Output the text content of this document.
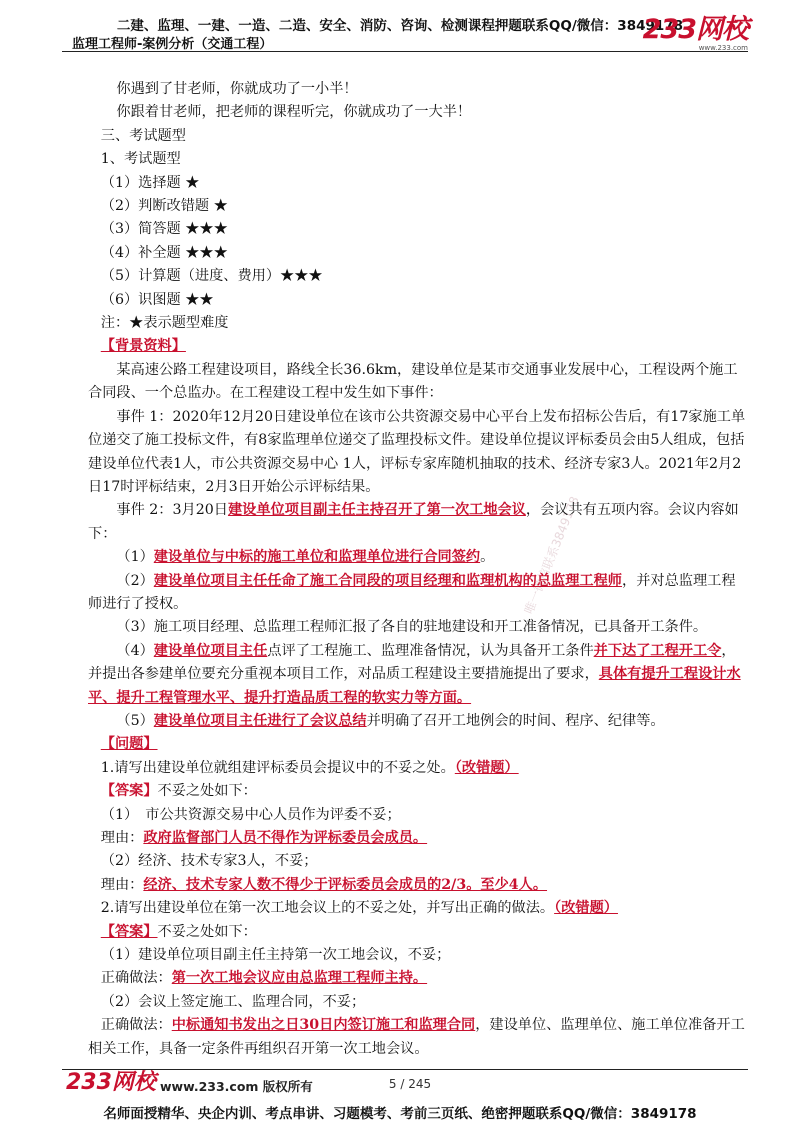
二建、监理、一建、一造、二造、安全、消防、咨询、检测课程押题联系QQ/微信：3849178
监理工程师-案例分析（交通工程）	233网校
www.233.com
唯一微信联系3849178

你遇到了甘老师，你就成功了一小半！

你跟着甘老师，把老师的课程听完，你就成功了一大半！

三、考试题型

1、考试题型

（1）选择题 ★

（2）判断改错题 ★

（3）简答题 ★★★

（4）补全题 ★★★

（5）计算题（进度、费用）★★★

（6）识图题 ★★

注：★表示题型难度

【背景资料】

某高速公路工程建设项目，路线全长36.6km，建设单位是某市交通事业发展中心，工程设两个施工合同段、一个总监办。在工程建设工程中发生如下事件：

事件 1：2020年12月20日建设单位在该市公共资源交易中心平台上发布招标公告后，有17家施工单位递交了施工投标文件，有8家监理单位递交了监理投标文件。建设单位提议评标委员会由5人组成，包括建设单位代表1人，市公共资源交易中心 1人，评标专家库随机抽取的技术、经济专家3人。2021年2月2日17时评标结束，2月3日开始公示评标结果。

事件 2：3月20日建设单位项目副主任主持召开了第一次工地会议，会议共有五项内容。会议内容如下：

（1）建设单位与中标的施工单位和监理单位进行合同签约。

（2）建设单位项目主任任命了施工合同段的项目经理和监理机构的总监理工程师，并对总监理工程师进行了授权。

（3）施工项目经理、总监理工程师汇报了各自的驻地建设和开工准备情况，已具备开工条件。

（4）建设单位项目主任点评了工程施工、监理准备情况，认为具备开工条件并下达了工程开工令，并提出各参建单位要充分重视本项目工作，对品质工程建设主要措施提出了要求，具体有提升工程设计水平、提升工程管理水平、提升打造品质工程的软实力等方面。

（5）建设单位项目主任进行了会议总结并明确了召开工地例会的时间、程序、纪律等。

【问题】

1.请写出建设单位就组建评标委员会提议中的不妥之处。（改错题）

【答案】不妥之处如下：

（1）　市公共资源交易中心人员作为评委不妥；

理由：政府监督部门人员不得作为评标委员会成员。

（2）经济、技术专家3人，不妥；

理由：经济、技术专家人数不得少于评标委员会成员的2/3。至少4人。

2.请写出建设单位在第一次工地会议上的不妥之处，并写出正确的做法。（改错题）

【答案】不妥之处如下：

（1）建设单位项目副主任主持第一次工地会议，不妥；

正确做法：第一次工地会议应由总监理工程师主持。

（2）会议上签定施工、监理合同，不妥；

正确做法：中标通知书发出之日30日内签订施工和监理合同，建设单位、监理单位、施工单位准备开工相关工作，具备一定条件再组织召开第一次工地会议。

233网校 www.233.com 版权所有	5 / 245
名师面授精华、央企内训、考点串讲、习题模考、考前三页纸、绝密押题联系QQ/微信：3849178
